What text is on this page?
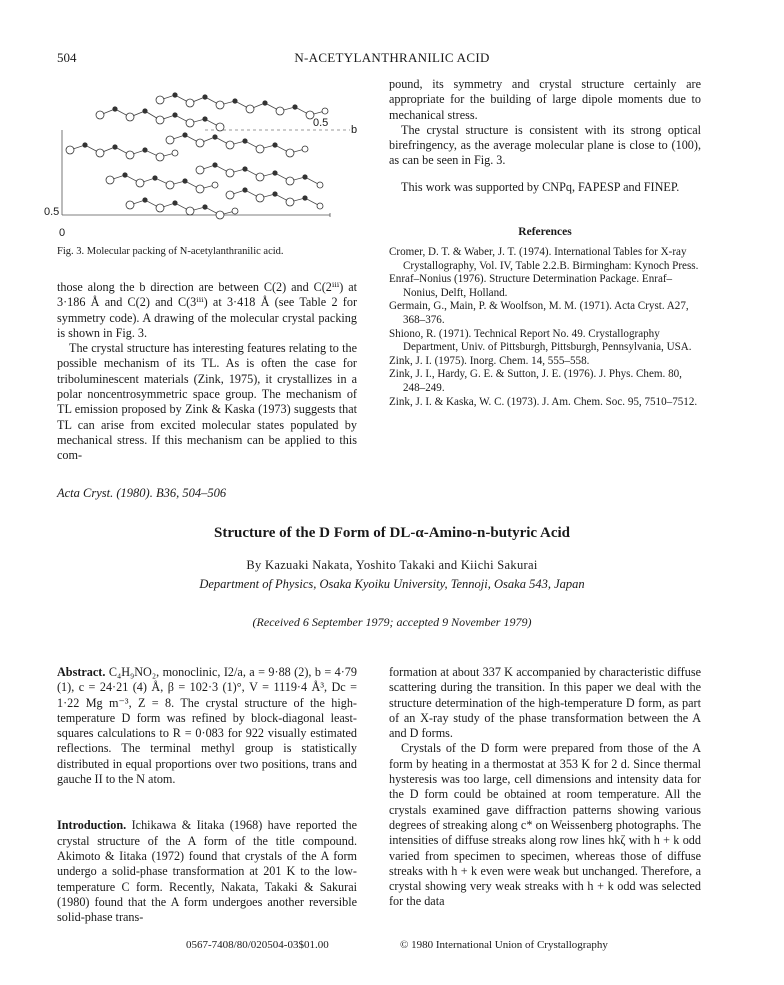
504	N-ACETYLANTHRANILIC ACID
0.5
b
0.5
0
Fig. 3. Molecular packing of N-acetylanthranilic acid.

those along the b direction are between C(2) and C(2ⁱⁱⁱ) at 3·186 Å and C(2) and C(3ⁱⁱⁱ) at 3·418 Å (see Table 2 for symmetry code). A drawing of the molecular crystal packing is shown in Fig. 3.

The crystal structure has interesting features relating to the possible mechanism of its TL. As is often the case for triboluminescent materials (Zink, 1975), it crystallizes in a polar noncentrosymmetric space group. The mechanism of TL emission proposed by Zink & Kaska (1973) suggests that TL can arise from excited molecular states populated by mechanical stress. If this mechanism can be applied to this com-

pound, its symmetry and crystal structure certainly are appropriate for the building of large dipole moments due to mechanical stress.

The crystal structure is consistent with its strong optical birefringency, as the average molecular plane is close to (100), as can be seen in Fig. 3.

This work was supported by CNPq, FAPESP and FINEP.

References
Cromer, D. T. & Waber, J. T. (1974). International Tables for X-ray Crystallography, Vol. IV, Table 2.2.B. Birmingham: Kynoch Press.
Enraf–Nonius (1976). Structure Determination Package. Enraf–Nonius, Delft, Holland.
Germain, G., Main, P. & Woolfson, M. M. (1971). Acta Cryst. A27, 368–376.
Shiono, R. (1971). Technical Report No. 49. Crystallography Department, Univ. of Pittsburgh, Pittsburgh, Pennsylvania, USA.
Zink, J. I. (1975). Inorg. Chem. 14, 555–558.
Zink, J. I., Hardy, G. E. & Sutton, J. E. (1976). J. Phys. Chem. 80, 248–249.
Zink, J. I. & Kaska, W. C. (1973). J. Am. Chem. Soc. 95, 7510–7512.
Acta Cryst. (1980). B36, 504–506
Structure of the D Form of DL-α-Amino-n-butyric Acid
By Kazuaki Nakata, Yoshito Takaki and Kiichi Sakurai
Department of Physics, Osaka Kyoiku University, Tennoji, Osaka 543, Japan
(Received 6 September 1979; accepted 9 November 1979)

Abstract. C₄H₉NO₂, monoclinic, I2/a, a = 9·88 (2), b = 4·79 (1), c = 24·21 (4) Å, β = 102·3 (1)°, V = 1119·4 Å³, Dc = 1·22 Mg m⁻³, Z = 8. The crystal structure of the high-temperature D form was refined by block-diagonal least-squares calculations to R = 0·083 for 922 visually estimated reflections. The terminal methyl group is statistically distributed in equal proportions over two positions, trans and gauche II to the N atom.

Introduction. Ichikawa & Iitaka (1968) have reported the crystal structure of the A form of the title compound. Akimoto & Iitaka (1972) found that crystals of the A form undergo a solid-phase transformation at 201 K to the low-temperature C form. Recently, Nakata, Takaki & Sakurai (1980) found that the A form undergoes another reversible solid-phase trans-

formation at about 337 K accompanied by characteristic diffuse scattering during the transition. In this paper we deal with the structure determination of the high-temperature D form, as part of an X-ray study of the phase transformation between the A and D forms.

Crystals of the D form were prepared from those of the A form by heating in a thermostat at 353 K for 2 d. Since thermal hysteresis was too large, cell dimensions and intensity data for the D form could be obtained at room temperature. All the crystals examined gave diffraction patterns showing various degrees of streaking along c* on Weissenberg photographs. The intensities of diffuse streaks along row lines hkζ with h + k odd varied from specimen to specimen, whereas those of diffuse streaks with h + k even were weak but unchanged. Therefore, a crystal showing very weak streaks with h + k odd was selected for the data

0567-7408/80/020504-03$01.00	© 1980 International Union of Crystallography
